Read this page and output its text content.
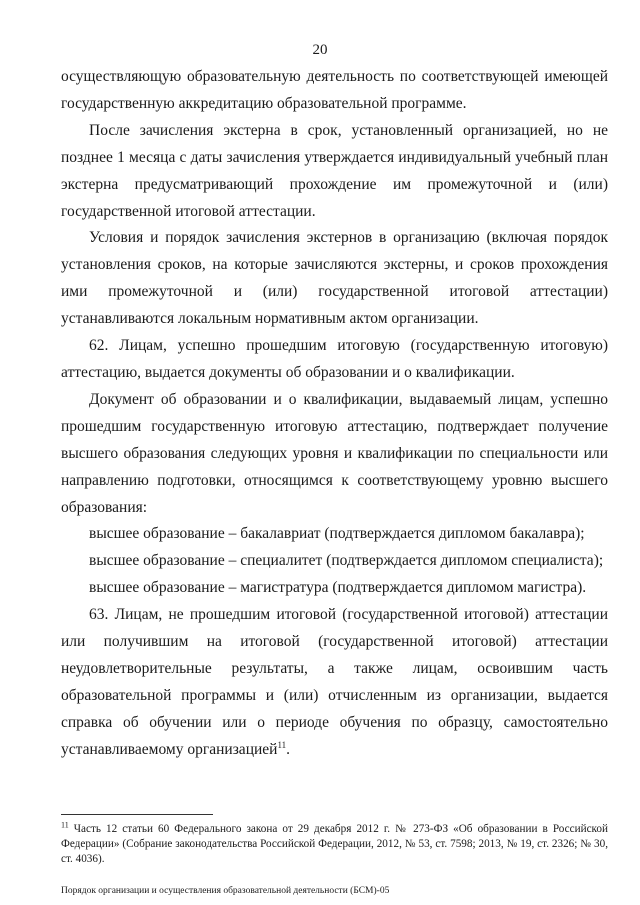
20

осуществляющую образовательную деятельность по соответствующей имеющей государственную аккредитацию образовательной программе.

После зачисления экстерна в срок, установленный организацией, но не позднее 1 месяца с даты зачисления утверждается индивидуальный учебный план экстерна предусматривающий прохождение им промежуточной и (или) государственной итоговой аттестации.

Условия и порядок зачисления экстернов в организацию (включая порядок установления сроков, на которые зачисляются экстерны, и сроков прохождения ими промежуточной и (или) государственной итоговой аттестации) устанавливаются локальным нормативным актом организации.

62. Лицам, успешно прошедшим итоговую (государственную итоговую) аттестацию, выдается документы об образовании и о квалификации.

Документ об образовании и о квалификации, выдаваемый лицам, успешно прошедшим государственную итоговую аттестацию, подтверждает получение высшего образования следующих уровня и квалификации по специальности или направлению подготовки, относящимся к соответствующему уровню высшего образования:

высшее образование – бакалавриат (подтверждается дипломом бакалавра);

высшее образование – специалитет (подтверждается дипломом специалиста);

высшее образование – магистратура (подтверждается дипломом магистра).

63. Лицам, не прошедшим итоговой (государственной итоговой) аттестации или получившим на итоговой (государственной итоговой) аттестации неудовлетворительные результаты, а также лицам, освоившим часть образовательной программы и (или) отчисленным из организации, выдается справка об обучении или о периоде обучения по образцу, самостоятельно устанавливаемому организацией$^{11}$.

$^{11}$ Часть 12 статьи 60 Федерального закона от 29 декабря 2012 г. № 273-ФЗ «Об образовании в Российской Федерации» (Собрание законодательства Российской Федерации, 2012, № 53, ст. 7598; 2013, № 19, ст. 2326; № 30, ст. 4036).
Порядок организации и осуществления образовательной деятельности (БСМ)-05
